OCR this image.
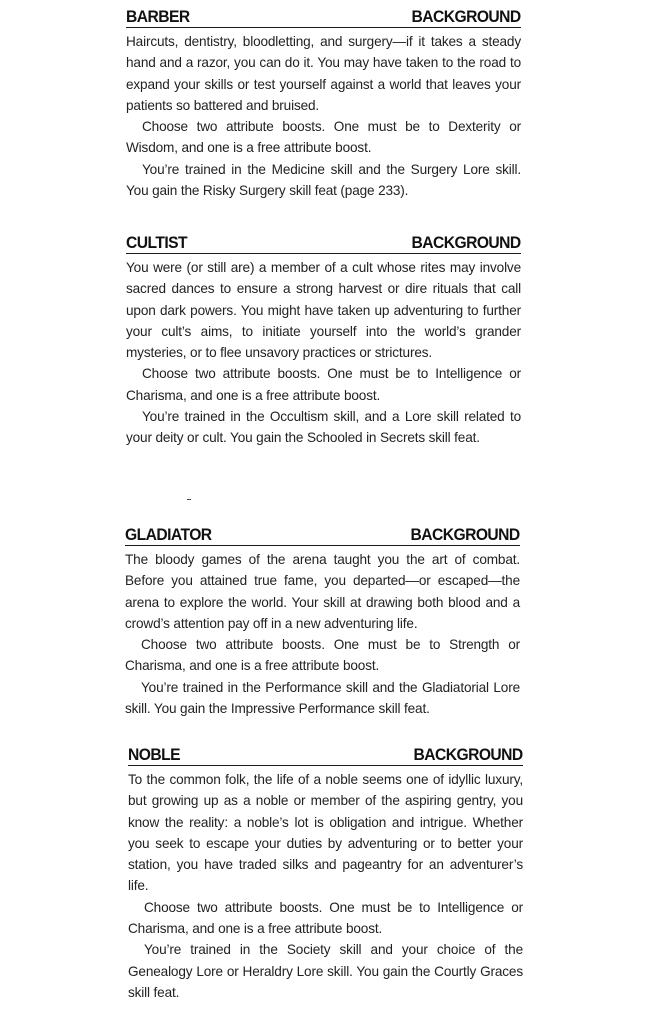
BARBER	BACKGROUND

Haircuts, dentistry, bloodletting, and surgery—if it takes a steady hand and a razor, you can do it. You may have taken to the road to expand your skills or test yourself against a world that leaves your patients so battered and bruised.

Choose two attribute boosts. One must be to Dexterity or Wisdom, and one is a free attribute boost.

You’re trained in the Medicine skill and the Surgery Lore skill. You gain the Risky Surgery skill feat (page 233).

CULTIST	BACKGROUND

You were (or still are) a member of a cult whose rites may involve sacred dances to ensure a strong harvest or dire rituals that call upon dark powers. You might have taken up adventuring to further your cult’s aims, to initiate yourself into the world’s grander mysteries, or to flee unsavory practices or strictures.

Choose two attribute boosts. One must be to Intelligence or Charisma, and one is a free attribute boost.

You’re trained in the Occultism skill, and a Lore skill related to your deity or cult. You gain the Schooled in Secrets skill feat.

GLADIATOR	BACKGROUND

The bloody games of the arena taught you the art of combat. Before you attained true fame, you departed—or escaped—the arena to explore the world. Your skill at drawing both blood and a crowd’s attention pay off in a new adventuring life.

Choose two attribute boosts. One must be to Strength or Charisma, and one is a free attribute boost.

You’re trained in the Performance skill and the Gladiatorial Lore skill. You gain the Impressive Performance skill feat.

NOBLE	BACKGROUND

To the common folk, the life of a noble seems one of idyllic luxury, but growing up as a noble or member of the aspiring gentry, you know the reality: a noble’s lot is obligation and intrigue. Whether you seek to escape your duties by adventuring or to better your station, you have traded silks and pageantry for an adventurer’s life.

Choose two attribute boosts. One must be to Intelligence or Charisma, and one is a free attribute boost.

You’re trained in the Society skill and your choice of the Genealogy Lore or Heraldry Lore skill. You gain the Courtly Graces skill feat.
